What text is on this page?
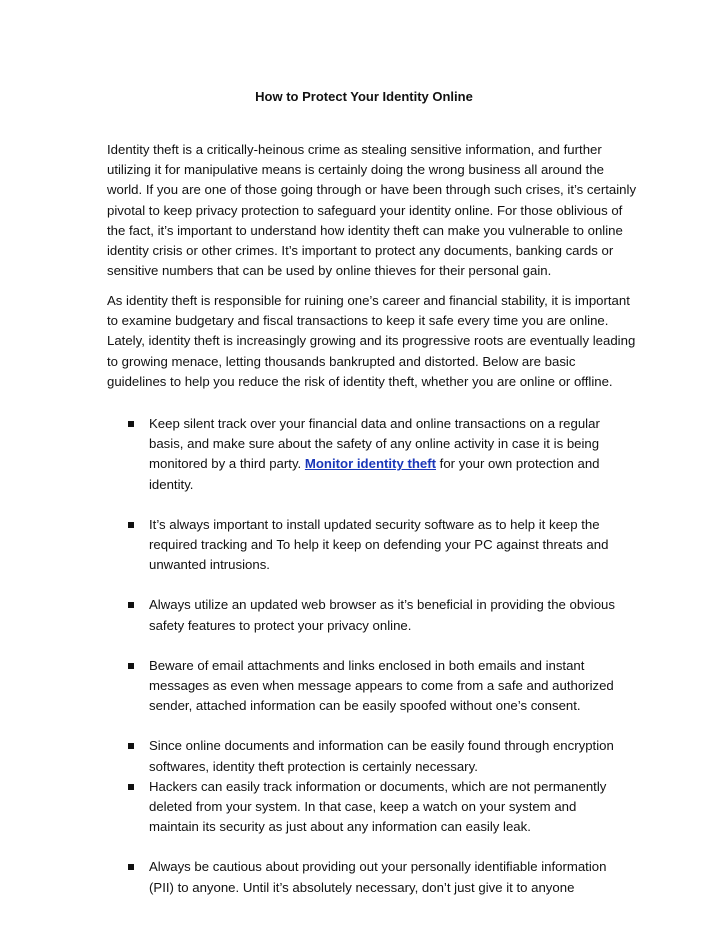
How to Protect Your Identity Online

Identity theft is a critically-heinous crime as stealing sensitive information, and further utilizing it for manipulative means is certainly doing the wrong business all around the world. If you are one of those going through or have been through such crises, it’s certainly pivotal to keep privacy protection to safeguard your identity online. For those oblivious of the fact, it’s important to understand how identity theft can make you vulnerable to online identity crisis or other crimes. It’s important to protect any documents, banking cards or sensitive numbers that can be used by online thieves for their personal gain.

As identity theft is responsible for ruining one’s career and financial stability, it is important to examine budgetary and fiscal transactions to keep it safe every time you are online. Lately, identity theft is increasingly growing and its progressive roots are eventually leading to growing menace, letting thousands bankrupted and distorted. Below are basic guidelines to help you reduce the risk of identity theft, whether you are online or offline.

Keep silent track over your financial data and online transactions on a regular basis, and make sure about the safety of any online activity in case it is being monitored by a third party. Monitor identity theft for your own protection and identity.
It’s always important to install updated security software as to help it keep the required tracking and To help it keep on defending your PC against threats and unwanted intrusions.
Always utilize an updated web browser as it’s beneficial in providing the obvious safety features to protect your privacy online.
Beware of email attachments and links enclosed in both emails and instant messages as even when message appears to come from a safe and authorized sender, attached information can be easily spoofed without one’s consent.
Since online documents and information can be easily found through encryption softwares, identity theft protection is certainly necessary.
Hackers can easily track information or documents, which are not permanently deleted from your system. In that case, keep a watch on your system and maintain its security as just about any information can easily leak.
Always be cautious about providing out your personally identifiable information (PII) to anyone. Until it’s absolutely necessary, don’t just give it to anyone
